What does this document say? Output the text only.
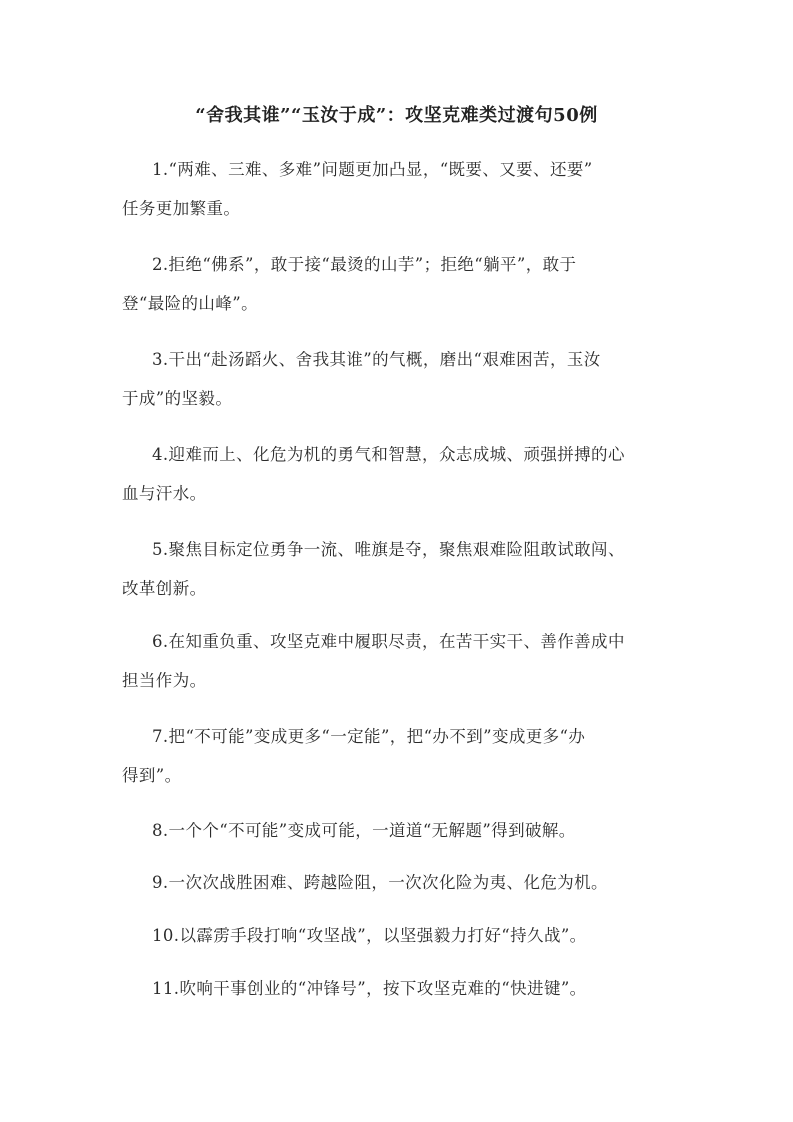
“舍我其谁”“玉汝于成”：攻坚克难类过渡句50例
1.“两难、三难、多难”问题更加凸显，“既要、又要、还要”
任务更加繁重。
2.拒绝“佛系”，敢于接“最烫的山芋”；拒绝“躺平”，敢于
登“最险的山峰”。
3.干出“赴汤蹈火、舍我其谁”的气概，磨出“艰难困苦，玉汝
于成”的坚毅。
4.迎难而上、化危为机的勇气和智慧，众志成城、顽强拼搏的心
血与汗水。
5.聚焦目标定位勇争一流、唯旗是夺，聚焦艰难险阻敢试敢闯、
改革创新。
6.在知重负重、攻坚克难中履职尽责，在苦干实干、善作善成中
担当作为。
7.把“不可能”变成更多“一定能”，把“办不到”变成更多“办
得到”。
8.一个个“不可能”变成可能，一道道“无解题”得到破解。
9.一次次战胜困难、跨越险阻，一次次化险为夷、化危为机。
10.以霹雳手段打响“攻坚战”，以坚强毅力打好“持久战”。
11.吹响干事创业的“冲锋号”，按下攻坚克难的“快进键”。
